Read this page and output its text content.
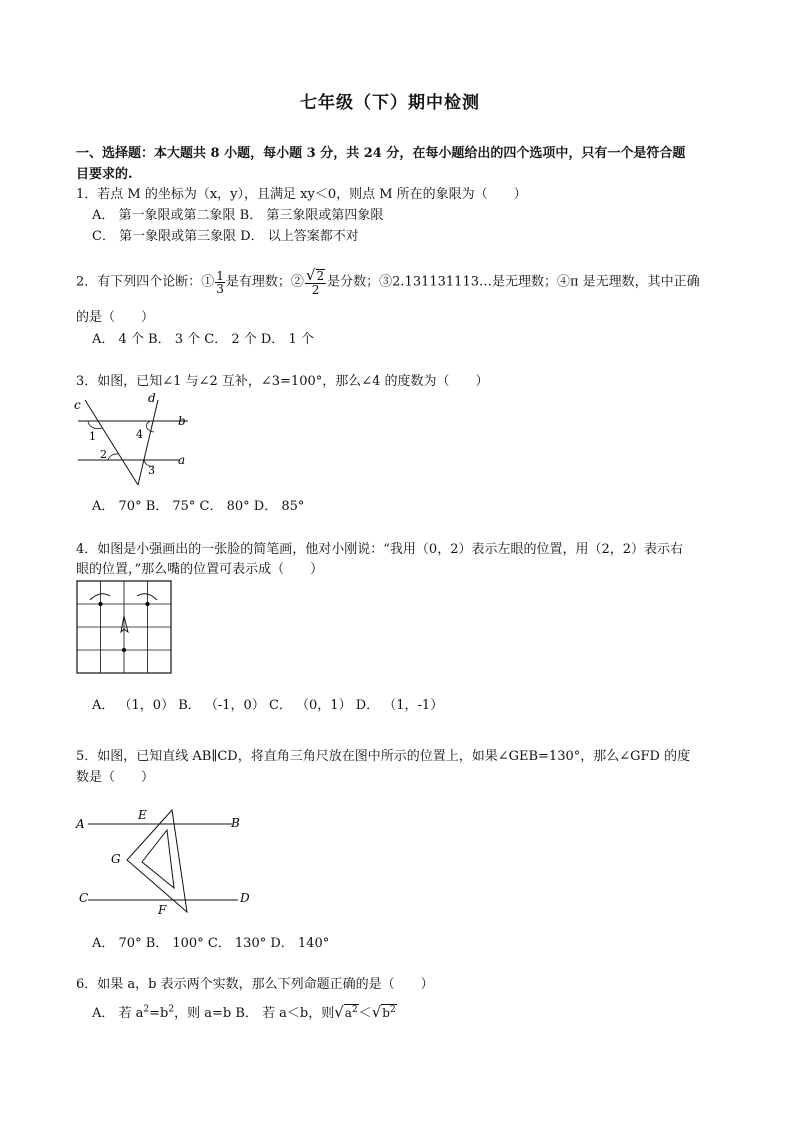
七年级（下）期中检测
一、选择题：本大题共 8 小题，每小题 3 分，共 24 分，在每小题给出的四个选项中，只有一个是符合题
目要求的.
1．若点 M 的坐标为（x，y），且满足 xy＜0，则点 M 所在的象限为（　　）
A． 第一象限或第二象限 B． 第三象限或第四象限
C． 第一象限或第三象限 D． 以上答案都不对
2．有下列四个论断：① $\frac{1}{3}$ 是有理数；② $\frac{√2}{2}$ 是分数；③2.131131113…是无理数；④π 是无理数，其中正确
的是（　　）
A． 4 个 B． 3 个 C． 2 个 D． 1 个
3．如图，已知∠1 与∠2 互补，∠3=100°，那么∠4 的度数为（　　）
c	d
b
a
1
2
3
4
A． 70° B． 75° C． 80° D． 85°
4．如图是小强画出的一张脸的简笔画，他对小刚说：“我用（0，2）表示左眼的位置，用（2，2）表示右
眼的位置，”那么嘴的位置可表示成（　　）
A． （1，0） B． （-1，0） C． （0，1） D． （1，-1）
5．如图，已知直线 AB∥CD，将直角三角尺放在图中所示的位置上，如果∠GEB=130°，那么∠GFD 的度
数是（　　）
A	B
C	D
E
F
G
A． 70° B． 100° C． 130° D． 140°
6．如果 a，b 表示两个实数，那么下列命题正确的是（　　）
A． 若 $a^2=b^2$，则 a=b B． 若 a＜b，则$√a^2<√b^2$
